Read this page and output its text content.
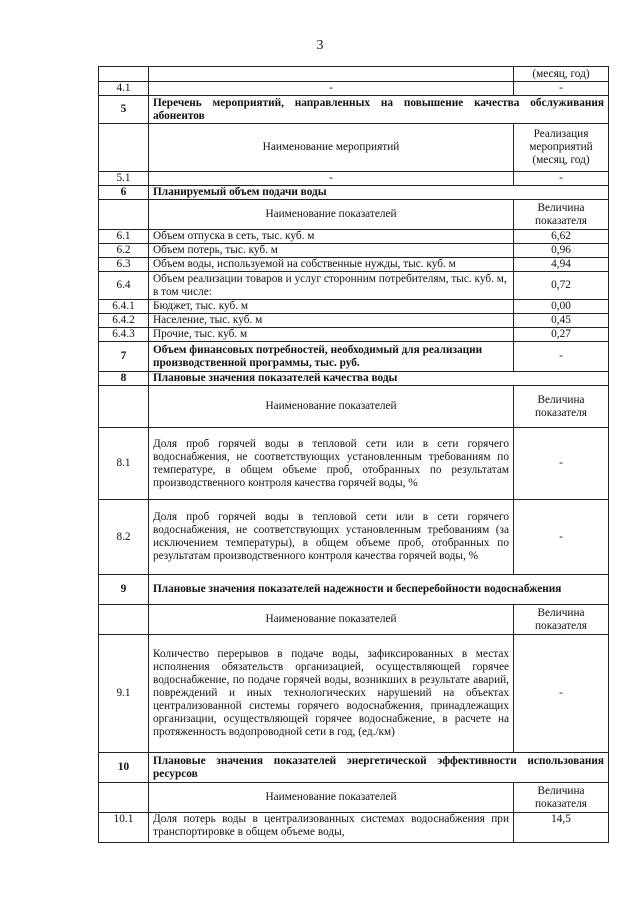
3
		(месяц, год)
4.1	-	-
5	Перечень мероприятий, направленных на повышение качества обслуживания абонентов	
	Наименование мероприятий	Реализация мероприятий (месяц, год)
5.1	-	-
6	Планируемый объем подачи воды	
	Наименование показателей	Величина показателя
6.1	Объем отпуска в сеть, тыс. куб. м	6,62
6.2	Объем потерь, тыс. куб. м	0,96
6.3	Объем воды, используемой на собственные нужды, тыс. куб. м	4,94
6.4	Объем реализации товаров и услуг сторонним потребителям, тыс. куб. м, в том числе:	0,72
6.4.1	Бюджет, тыс. куб. м	0,00
6.4.2	Население, тыс. куб. м	0,45
6.4.3	Прочие, тыс. куб. м	0,27
7	Объем финансовых потребностей, необходимый для реализации производственной программы, тыс. руб.	-
8	Плановые значения показателей качества воды	
	Наименование показателей	Величина показателя
8.1	Доля проб горячей воды в тепловой сети или в сети горячего водоснабжения, не соответствующих установленным требованиям по температуре, в общем объеме проб, отобранных по результатам производственного контроля качества горячей воды, %	-
8.2	Доля проб горячей воды в тепловой сети или в сети горячего водоснабжения, не соответствующих установленным требованиям (за исключением температуры), в общем объеме проб, отобранных по результатам производственного контроля качества горячей воды, %	-
9	Плановые значения показателей надежности и бесперебойности водоснабжения	
	Наименование показателей	Величина показателя
9.1	Количество перерывов в подаче воды, зафиксированных в местах исполнения обязательств организацией, осуществляющей горячее водоснабжение, по подаче горячей воды, возникших в результате аварий, повреждений и иных технологических нарушений на объектах централизованной системы горячего водоснабжения, принадлежащих организации, осуществляющей горячее водоснабжение, в расчете на протяженность водопроводной сети в год, (ед./км)	-
10	Плановые значения показателей энергетической эффективности использования ресурсов	
	Наименование показателей	Величина показателя
10.1	Доля потерь воды в централизованных системах водоснабжения при транспортировке в общем объеме воды,	14,5
